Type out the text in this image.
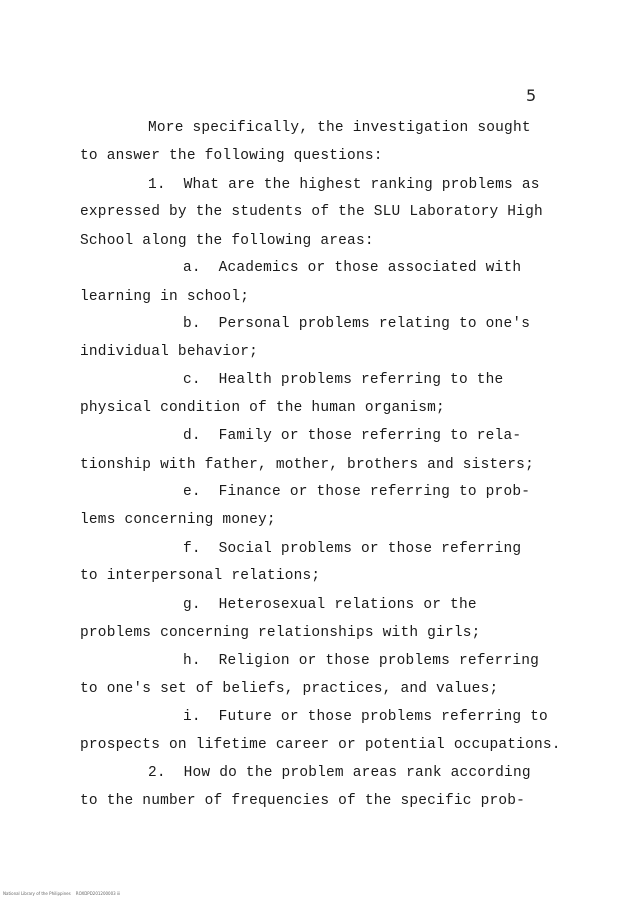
5
More specifically, the investigation sought
to answer the following questions:
1.  What are the highest ranking problems as
expressed by the students of the SLU Laboratory High
School along the following areas:
a.  Academics or those associated with
learning in school;
b.  Personal problems relating to one's
individual behavior;
c.  Health problems referring to the
physical condition of the human organism;
d.  Family or those referring to rela-
tionship with father, mother, brothers and sisters;
e.  Finance or those referring to prob-
lems concerning money;
f.  Social problems or those referring
to interpersonal relations;
g.  Heterosexual relations or the
problems concerning relationships with girls;
h.  Religion or those problems referring
to one's set of beliefs, practices, and values;
i.  Future or those problems referring to
prospects on lifetime career or potential occupations.
2.  How do the problem areas rank according
to the number of frequencies of the specific prob-
National Library of the Philippines    ROXDPD201200003 iii
